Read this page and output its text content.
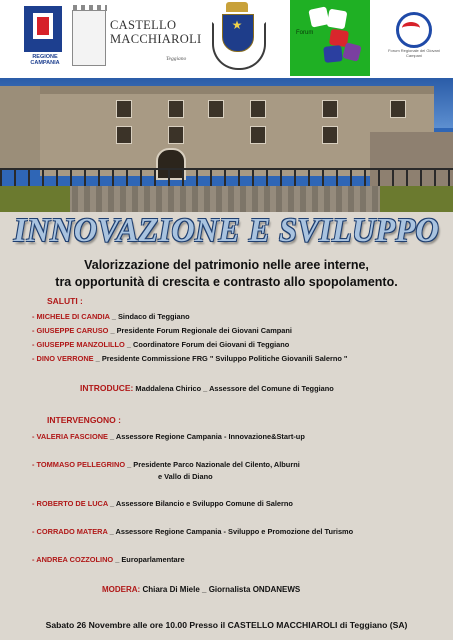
REGIONE CAMPANIA
CASTELLO
MACCHIAROLI
Teggiano
★
Forum
Forum Regionale dei Giovani Campani
INNOVAZIONE E SVILUPPO
Valorizzazione del patrimonio nelle aree interne,
tra opportunità di crescita e contrasto allo spopolamento.
SALUTI :
- MICHELE DI CANDIA _ Sindaco di Teggiano
- GIUSEPPE CARUSO _ Presidente Forum Regionale dei Giovani Campani
- GIUSEPPE MANZOLILLO _ Coordinatore Forum dei Giovani di Teggiano
- DINO VERRONE _ Presidente Commissione FRG " Sviluppo Politiche Giovanili Salerno "
INTRODUCE: Maddalena Chirico _ Assessore del Comune di Teggiano
INTERVENGONO :
- VALERIA FASCIONE _ Assessore Regione Campania - Innovazione&Start-up
- TOMMASO PELLEGRINO _ Presidente Parco Nazionale del Cilento, Alburni
e Vallo di Diano
- ROBERTO DE LUCA _ Assessore Bilancio e Sviluppo Comune di Salerno
- CORRADO MATERA _ Assessore Regione Campania - Sviluppo e Promozione del Turismo
- ANDREA COZZOLINO _ Europarlamentare
MODERA: Chiara Di Miele _ Giornalista ONDANEWS
Sabato 26 Novembre alle ore 10.00 Presso il CASTELLO MACCHIAROLI di Teggiano (SA)
